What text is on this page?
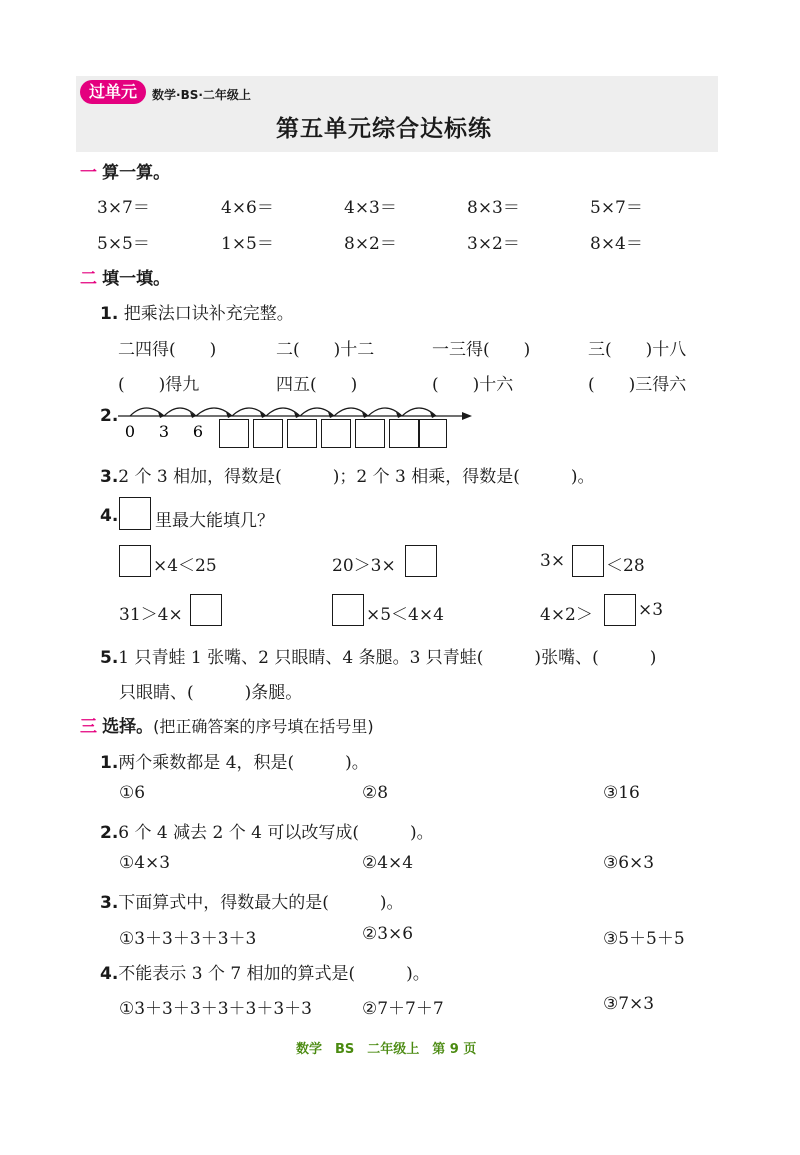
过单元	数学·BS·二年级上
第五单元综合达标练
一 算一算。
3×7＝	4×6＝	4×3＝	8×3＝	5×7＝
5×5＝	1×5＝	8×2＝	3×2＝	8×4＝
二 填一填。
1. 把乘法口诀补充完整。
二四得(　　)	二(　　)十二	一三得(　　)	三(　　)十八
(　　)得九	四五(　　)	(　　)十六	(　　)三得六
2.
0 3 6
3.2 个 3 相加，得数是(　　　)；2 个 3 相乘，得数是(　　　)。
4. 里最大能填几？
×4＜25	20＞3×	3× ＜28
31＞4×	×5＜4×4	4×2＞	×3
5.1 只青蛙 1 张嘴、2 只眼睛、4 条腿。3 只青蛙(　　　)张嘴、(　　　)
只眼睛、(　　　)条腿。
三 选择。(把正确答案的序号填在括号里)
1.两个乘数都是 4，积是(　　　)。
①6	②8	③16
2.6 个 4 减去 2 个 4 可以改写成(　　　)。
①4×3	②4×4	③6×3
3.下面算式中，得数最大的是(　　　)。
①3＋3＋3＋3＋3	②3×6	③5＋5＋5
4.不能表示 3 个 7 相加的算式是(　　　)。
①3＋3＋3＋3＋3＋3＋3	②7＋7＋7	③7×3
数学　BS　二年级上　第 9 页
